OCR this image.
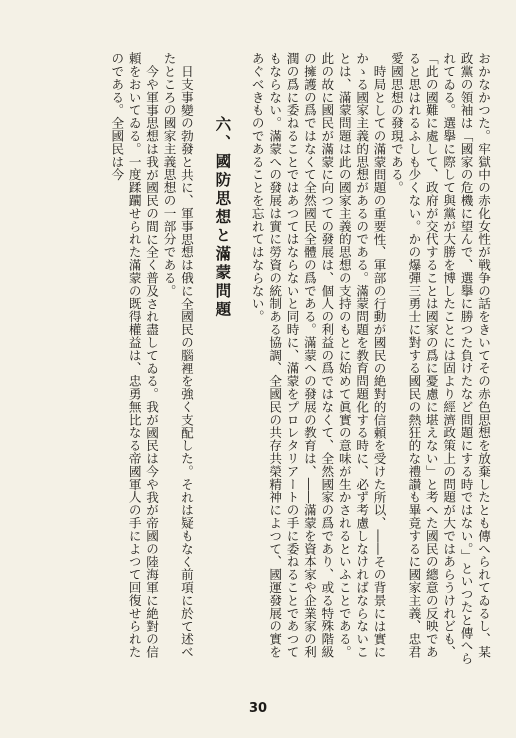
おかなかつた。牢獄中の赤化女性が戦争の話をきいてその赤色思想を放棄したとも傳へられてゐるし、某政黨の領袖は「國家の危機に望んで、選擧に勝つた負けたなど問題にする時ではない。」といつたと傳へられてゐる。選擧に際して與黨が大勝を博したことには固より經濟政策上の問題が大ではあらうけれども、「此の國難に處して、政府が交代することは國家の爲に憂慮に堪えない」と考へた國民の總意の反映であると思はれるふしも少くない。かの爆彈三勇士に對する國民の熱狂的な禮讃も畢竟するに國家主義、忠君愛國思想の發現である。

時局としての滿蒙問題の重要性、軍部の行動が國民の絶對的信頼を受けた所以、――その背景には實にかゝる國家主義的思想があるのである。滿蒙問題を教育問題化する時に、必ず考慮しなければならないことは、滿蒙問題は此の國家主義的思想の支持のもとに始めて眞實の意味が生かされるといふことである。此の故に國民が滿蒙に向つての發展は、個人の利益の爲ではなくて、全然國家の爲であり、或る特殊階級の擁護の爲ではなくて全然國民全體の爲である。滿蒙への發展の教育は、――滿蒙を資本家や企業家の利潤の爲に委ねることではあつてはならないと同時に、滿蒙をプロレタリアートの手に委ねることであつてもならない。滿蒙への發展は實に勞資の統制ある協調、全國民の共存共榮精神によつて、國運發展の實をあぐべきものであることを忘れてはならない。

六、國防思想と滿蒙問題

日支事變の勃發と共に、軍事思想は俄に全國民の腦裡を強く支配した。それは疑もなく前項に於て述べたところの國家主義思想の一部分である。

今や軍事思想は我が國民の間に全く普及され盡してゐる。我が國民は今や我が帝國の陸海軍に絶對の信頼をおいてゐる。一度蹂躙せられた滿蒙の既得權益は、忠勇無比なる帝國軍人の手によつて回復せられたのである。全國民は今

30
